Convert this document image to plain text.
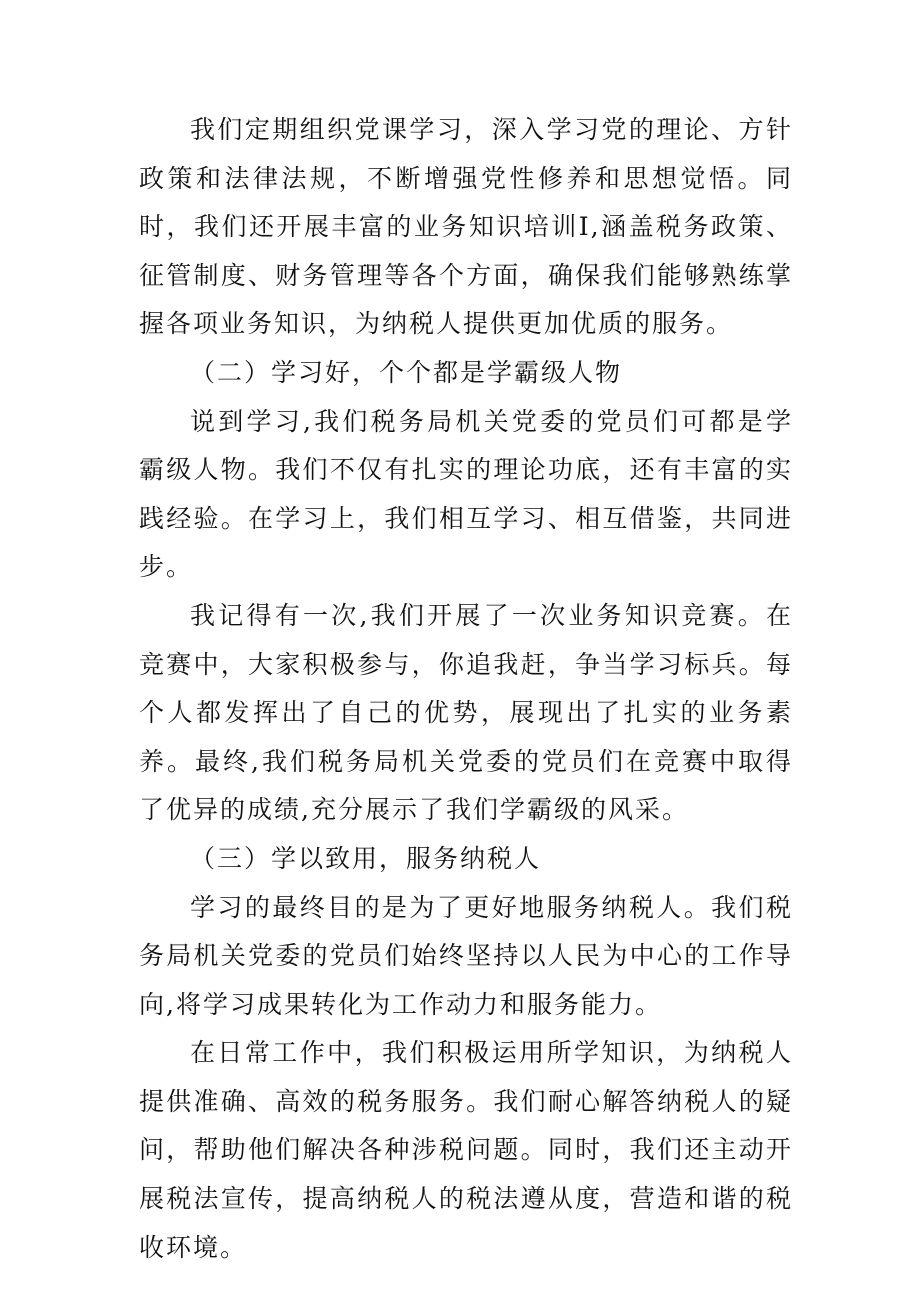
我们定期组织党课学习，深入学习党的理论、方针政策和法律法规，不断增强党性修养和思想觉悟。同时，我们还开展丰富的业务知识培训I,涵盖税务政策、征管制度、财务管理等各个方面，确保我们能够熟练掌握各项业务知识，为纳税人提供更加优质的服务。

（二）学习好，个个都是学霸级人物

说到学习,我们税务局机关党委的党员们可都是学霸级人物。我们不仅有扎实的理论功底，还有丰富的实践经验。在学习上，我们相互学习、相互借鉴，共同进步。

我记得有一次,我们开展了一次业务知识竞赛。在竞赛中，大家积极参与，你追我赶，争当学习标兵。每个人都发挥出了自己的优势，展现出了扎实的业务素养。最终,我们税务局机关党委的党员们在竞赛中取得了优异的成绩,充分展示了我们学霸级的风采。

（三）学以致用，服务纳税人

学习的最终目的是为了更好地服务纳税人。我们税务局机关党委的党员们始终坚持以人民为中心的工作导向,将学习成果转化为工作动力和服务能力。

在日常工作中，我们积极运用所学知识，为纳税人提供准确、高效的税务服务。我们耐心解答纳税人的疑问，帮助他们解决各种涉税问题。同时，我们还主动开展税法宣传，提高纳税人的税法遵从度，营造和谐的税收环境。
